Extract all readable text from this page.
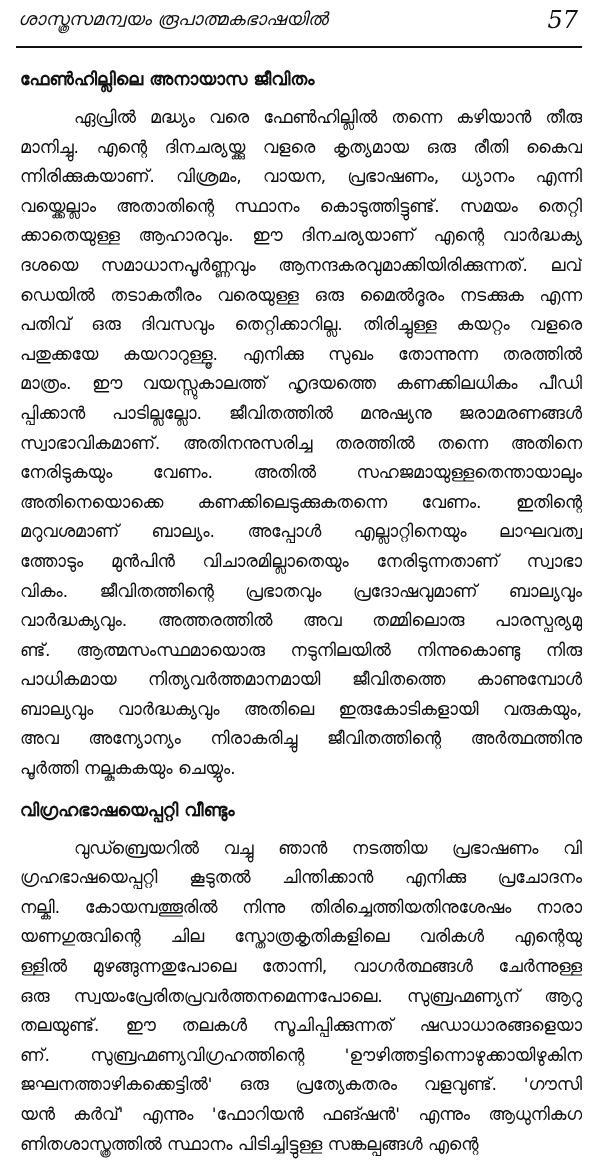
ശാസ്ത്രസമന്വയം രൂപാത്മകഭാഷയിൽ	57
ഫേൺഹില്ലിലെ അനായാസ ജീവിതം
ഏപ്രിൽ മദ്ധ്യം വരെ ഫേൺഹില്ലിൽ തന്നെ കഴിയാൻ തീരു
മാനിച്ചു. എന്റെ ദിനചര്യയ്ക്കു വളരെ കൃത്യമായ ഒരു രീതി കൈവ
ന്നിരിക്കുകയാണ്. വിശ്രമം, വായന, പ്രഭാഷണം, ധ്യാനം എന്നി
വയ്ക്കെല്ലാം അതാതിന്റെ സ്ഥാനം കൊടുത്തിട്ടുണ്ട്. സമയം തെറ്റി
ക്കാതെയുള്ള ആഹാരവും. ഈ ദിനചര്യയാണ് എന്റെ വാർദ്ധക്യ
ദശയെ സമാധാനപൂർണ്ണവും ആനന്ദകരവുമാക്കിയിരിക്കുന്നത്. ലവ്
ഡെയിൽ തടാകതീരം വരെയുള്ള ഒരു മൈൽദൂരം നടക്കുക എന്ന
പതിവ് ഒരു ദിവസവും തെറ്റിക്കാറില്ല. തിരിച്ചുള്ള കയറ്റം വളരെ
പതുക്കയേ കയറാറുള്ളൂ. എനിക്കു സുഖം തോന്നുന്ന തരത്തിൽ
മാത്രം. ഈ വയസ്സുകാലത്ത് ഹൃദയത്തെ കണക്കിലധികം പീഡി
പ്പിക്കാൻ പാടില്ലല്ലോ. ജീവിതത്തിൽ മനുഷ്യനു ജരാമരണങ്ങൾ
സ്വാഭാവികമാണ്. അതിനനുസരിച്ച തരത്തിൽ തന്നെ അതിനെ
നേരിടുകയും വേണം. അതിൽ സഹജമായുള്ളതെന്തായാലും
അതിനെയൊക്കെ കണക്കിലെടുക്കുകതന്നെ വേണം. ഇതിന്റെ
മറുവശമാണ് ബാല്യം. അപ്പോൾ എല്ലാറ്റിനെയും ലാഘവത്വ
ത്തോടും മുൻപിൻ വിചാരമില്ലാതെയും നേരിടുന്നതാണ് സ്വാഭാ
വികം. ജീവിതത്തിന്റെ പ്രഭാതവും പ്രദോഷവുമാണ് ബാല്യവും
വാർദ്ധക്യവും. അത്തരത്തിൽ അവ തമ്മിലൊരു പാരസ്പര്യമു
ണ്ട്. ആത്മസംസ്ഥമായൊരു നടുനിലയിൽ നിന്നുകൊണ്ടു നിരു
പാധികമായ നിത്യവർത്തമാനമായി ജീവിതത്തെ കാണുമ്പോൾ
ബാല്യവും വാർദ്ധക്യവും അതിലെ ഇരുകോടികളായി വരുകയും,
അവ അന്യോന്യം നിരാകരിച്ചു ജീവിതത്തിന്റെ അർത്ഥത്തിനു
പൂർത്തി നല്കുകകയും ചെയ്യും.
വിഗ്രഹഭാഷയെപ്പറ്റി വീണ്ടും
വുഡ്ബ്രെയറിൽ വച്ചു ഞാൻ നടത്തിയ പ്രഭാഷണം വി
ഗ്രഹഭാഷയെപ്പറ്റി കൂടുതൽ ചിന്തിക്കാൻ എനിക്കു പ്രചോദനം
നല്കി. കോയമ്പത്തൂരിൽ നിന്നു തിരിച്ചെത്തിയതിനുശേഷം നാരാ
യണഗുരുവിന്റെ ചില സ്തോത്രകൃതികളിലെ വരികൾ എന്റെയു
ള്ളിൽ മുഴങ്ങുന്നതുപോലെ തോന്നി, വാഗർത്ഥങ്ങൾ ചേർന്നുള്ള
ഒരു സ്വയംപ്രേരിതപ്രവർത്തനമെന്നപോലെ. സുബ്രഹ്മണ്യന് ആറു
തലയുണ്ട്. ഈ തലകൾ സൂചിപ്പിക്കുന്നത് ഷഡാധാരങ്ങളെയാ
ണ്. സുബ്രഹ്മണ്യവിഗ്രഹത്തിന്റെ 'ഊഴിത്തട്ടിന്നൊഴുക്കായിഴുകിന
ജഘനത്താഴികക്കെട്ടിൽ' ഒരു പ്രത്യേകതരം വളവുണ്ട്. 'ഗൗസി
യൻ കർവ്' എന്നും 'ഫോറിയൻ ഫങ്ഷൻ' എന്നും ആധുനികഗ
ണിതശാസ്ത്രത്തിൽ സ്ഥാനം പിടിച്ചിട്ടുള്ള സങ്കല്പങ്ങൾ എന്റെ
